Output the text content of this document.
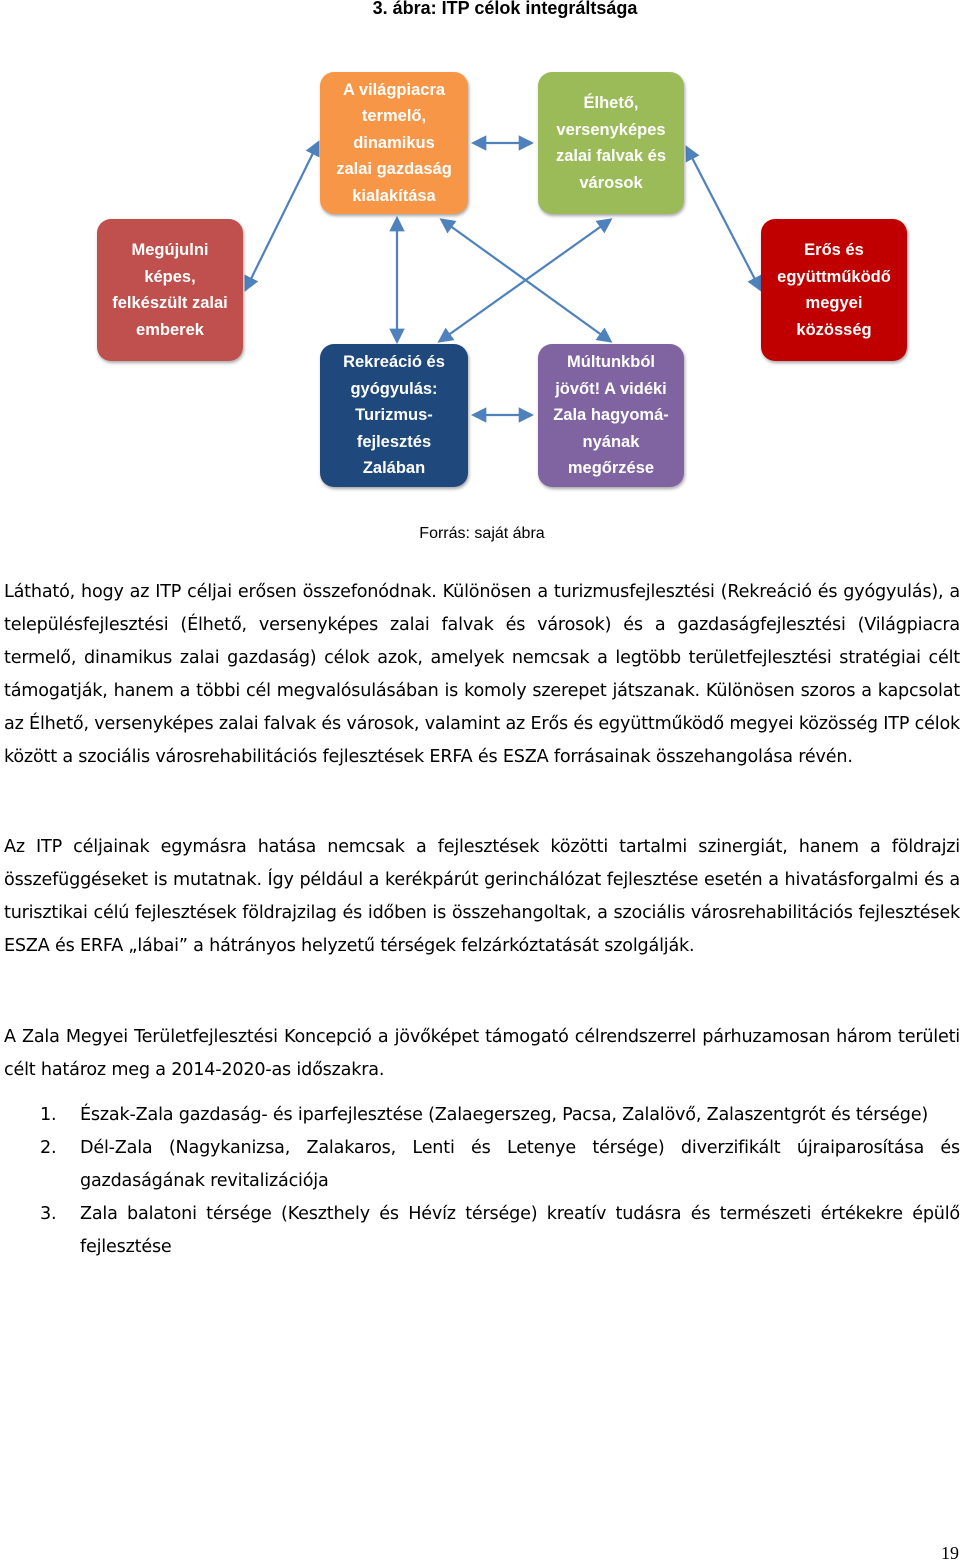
3. ábra: ITP célok integráltsága
A világpiacra
termelő,
dinamikus
zalai gazdaság
kialakítása
Élhető,
versenyképes
zalai falvak és
városok
Megújulni
képes,
felkészült zalai
emberek
Erős és
együttműködő
megyei
közösség
Rekreáció és
gyógyulás:
Turizmus-
fejlesztés
Zalában
Múltunkból
jövőt! A vidéki
Zala hagyomá-
nyának
megőrzése
Forrás: saját ábra

Látható, hogy az ITP céljai erősen összefonódnak. Különösen a turizmusfejlesztési (Rekreáció és gyógyulás), a településfejlesztési (Élhető, versenyképes zalai falvak és városok) és a gazdaságfejlesztési (Világpiacra termelő, dinamikus zalai gazdaság) célok azok, amelyek nemcsak a legtöbb területfejlesztési stratégiai célt támogatják, hanem a többi cél megvalósulásában is komoly szerepet játszanak. Különösen szoros a kapcsolat az Élhető, versenyképes zalai falvak és városok, valamint az Erős és együttműködő megyei közösség ITP célok között a szociális városrehabilitációs fejlesztések ERFA és ESZA forrásainak összehangolása révén.

Az ITP céljainak egymásra hatása nemcsak a fejlesztések közötti tartalmi szinergiát, hanem a földrajzi összefüggéseket is mutatnak. Így például a kerékpárút gerinchálózat fejlesztése esetén a hivatásforgalmi és a turisztikai célú fejlesztések földrajzilag és időben is összehangoltak, a szociális városrehabilitációs fejlesztések ESZA és ERFA „lábai” a hátrányos helyzetű térségek felzárkóztatását szolgálják.

A Zala Megyei Területfejlesztési Koncepció a jövőképet támogató célrendszerrel párhuzamosan három területi célt határoz meg a 2014-2020-as időszakra.

1.	Észak-Zala gazdaság- és iparfejlesztése (Zalaegerszeg, Pacsa, Zalalövő, Zalaszentgrót és térsége)
2.	Dél-Zala (Nagykanizsa, Zalakaros, Lenti és Letenye térsége) diverzifikált újraiparosítása és gazdaságának revitalizációja
3.	Zala balatoni térsége (Keszthely és Hévíz térsége) kreatív tudásra és természeti értékekre épülő fejlesztése
19
